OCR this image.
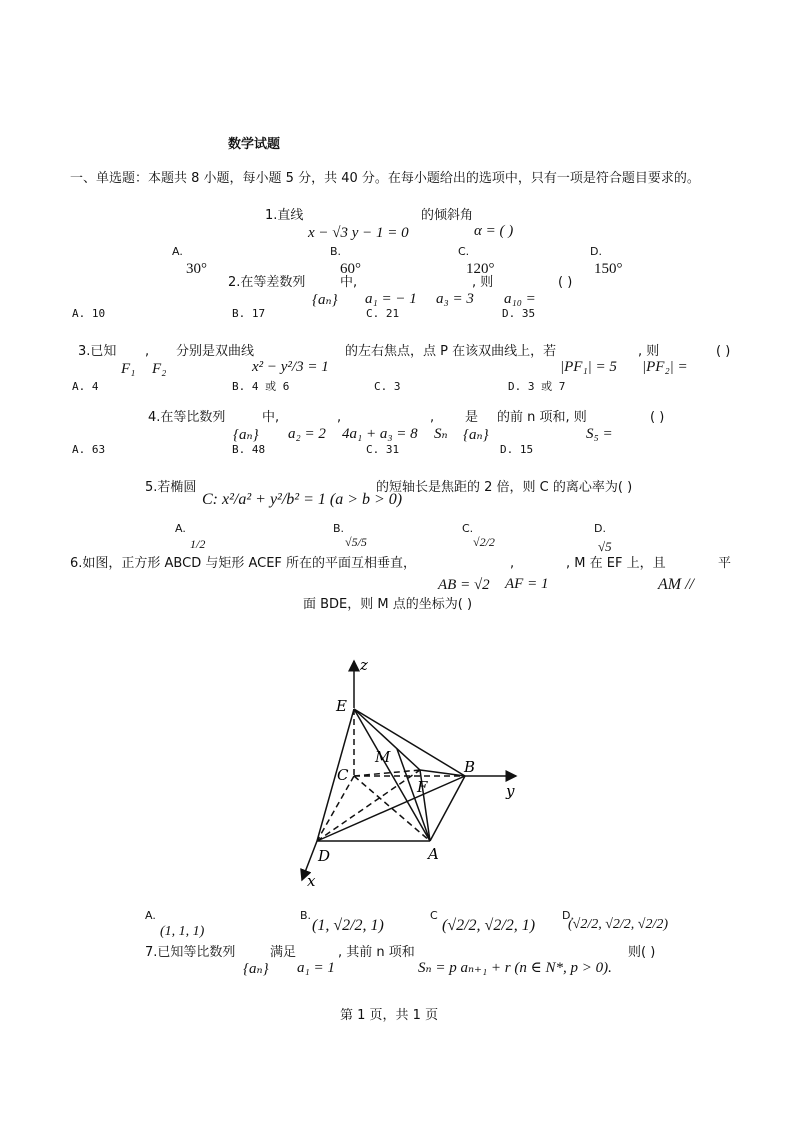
数学试题
一、单选题：本题共 8 小题，每小题 5 分，共 40 分。在每小题给出的选项中，只有一项是符合题目要求的。
1.直线	的倾斜角
x − √3 y − 1 = 0	α = ( )
A.	B.	C.	D.
30°	60°	120°	150°
2.在等差数列	中,	, 则	( )
{aₙ} a₁ = − 1 a₃ = 3 a₁₀ =
A. 10	B. 17	C. 21	D. 35
3.已知 , 分别是双曲线	的左右焦点，点 P 在该双曲线上，若	, 则	( )
F₁ F₂	x² − y²/3 = 1	|PF₁| = 5 |PF₂| =
A. 4	B. 4 或 6	C. 3	D. 3 或 7
4.在等比数列	中,	,	, 是 的前 n 项和, 则	( )
{aₙ} a₂ = 2 4a₁ + a₃ = 8 Sₙ {aₙ}	S₅ =
A. 63	B. 48	C. 31	D. 15
5.若椭圆
C: x²/a² + y²/b² = 1 (a > b > 0)
的短轴长是焦距的 2 倍，则 C 的离心率为( )
A.	B.	C.	D.
1/2	√5/5	√2/2	√5
6.如图，正方形 ABCD 与矩形 ACEF 所在的平面互相垂直，	,	, M 在 EF 上，且	平
AB = √2 AF = 1	AM //
面 BDE，则 M 点的坐标为( )
z
E
M
C
F
B
y
D	A
x
A.
(1, 1, 1)
B.
(1, √2/2, 1)
C
(√2/2, √2/2, 1)
D.
(√2/2, √2/2, √2/2)
7.已知等比数列	满足	, 其前 n 项和	则( )
{aₙ} a₁ = 1	Sₙ = p aₙ₊₁ + r (n ∈ N*, p > 0).
第 1 页，共 1 页
